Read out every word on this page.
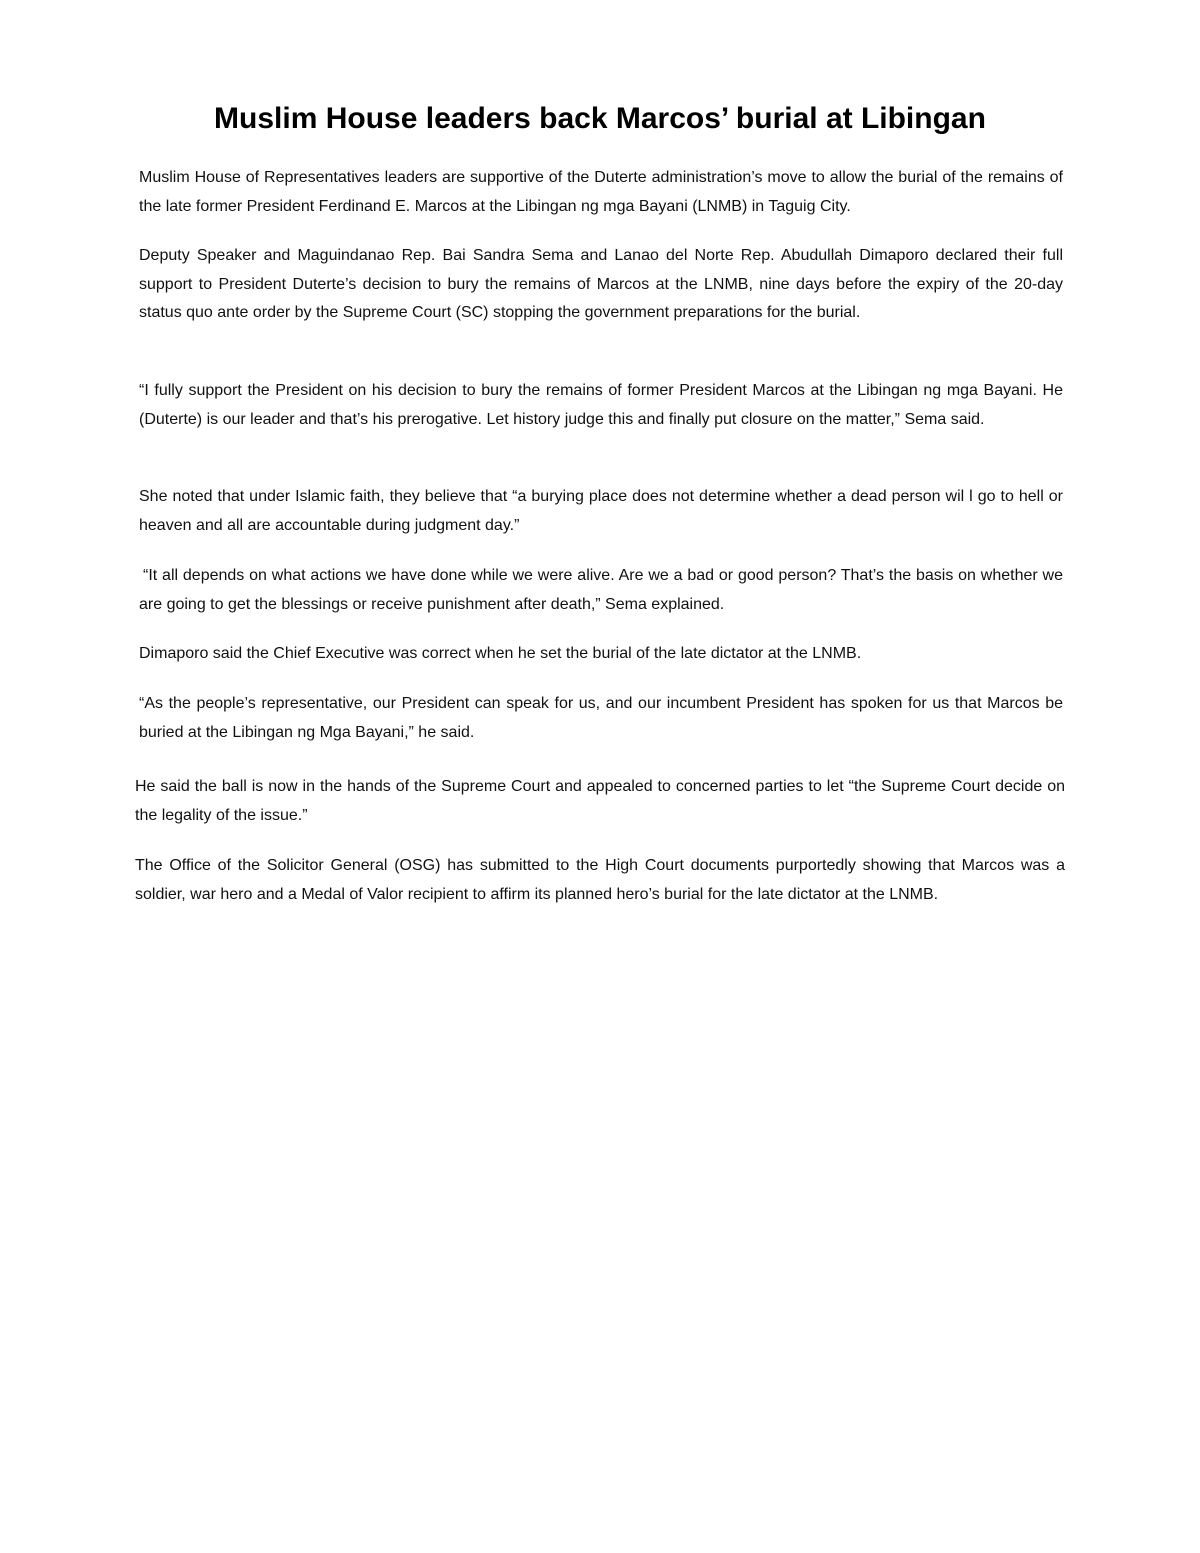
Muslim House leaders back Marcos’ burial at Libingan

Muslim House of Representatives leaders are supportive of the Duterte administration’s move to allow the burial of the remains of the late former President Ferdinand E. Marcos at the Libingan ng mga Bayani (LNMB) in Taguig City.

Deputy Speaker and Maguindanao Rep. Bai Sandra Sema and Lanao del Norte Rep. Abudullah Dimaporo declared their full support to President Duterte’s decision to bury the remains of Marcos at the LNMB, nine days before the expiry of the 20-day status quo ante order by the Supreme Court (SC) stopping the government preparations for the burial.

“I fully support the President on his decision to bury the remains of former President Marcos at the Libingan ng mga Bayani. He (Duterte) is our leader and that’s his prerogative. Let history judge this and finally put closure on the matter,” Sema said.

She noted that under Islamic faith, they believe that “a burying place does not determine whether a dead person wil l go to hell or heaven and all are accountable during judgment day.”

“It all depends on what actions we have done while we were alive. Are we a bad or good person? That’s the basis on whether we are going to get the blessings or receive punishment after death,” Sema explained.

Dimaporo said the Chief Executive was correct when he set the burial of the late dictator at the LNMB.

“As the people’s representative, our President can speak for us, and our incumbent President has spoken for us that Marcos be buried at the Libingan ng Mga Bayani,” he said.

He said the ball is now in the hands of the Supreme Court and appealed to concerned parties to let “the Supreme Court decide on the legality of the issue.”

The Office of the Solicitor General (OSG) has submitted to the High Court documents purportedly showing that Marcos was a soldier, war hero and a Medal of Valor recipient to affirm its planned hero’s burial for the late dictator at the LNMB.
